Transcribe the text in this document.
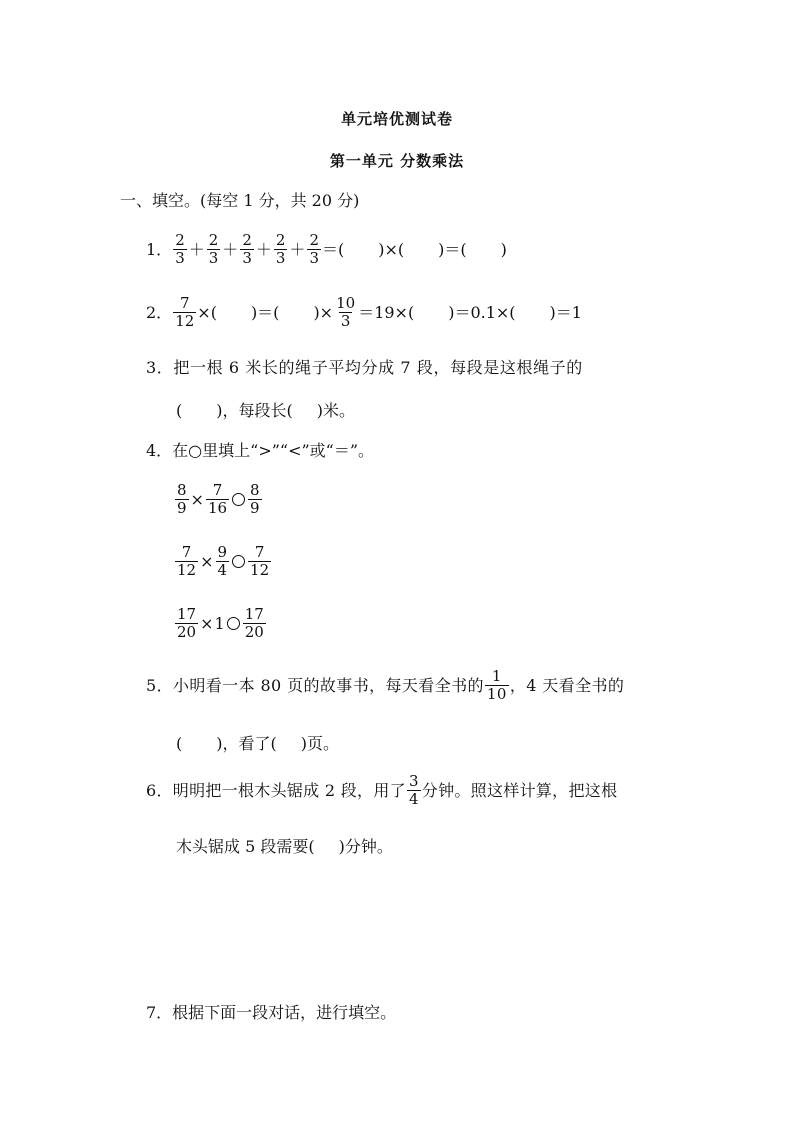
单元培优测试卷
第一单元 分数乘法
一、填空。(每空 1 分，共 20 分)
1． $\frac{2}{3} + \frac{2}{3} + \frac{2}{3} + \frac{2}{3} + \frac{2}{3}$ ＝( )×( )＝( )
2． $\frac{7}{12}$ ×( )＝( )× $\frac{10}{3} =19\times$( )＝0.1×( )＝1
3．把一根 6 米长的绳子平均分成 7 段，每段是这根绳子的
( )，每段长( )米。
4．在○里填上“>”“<”或“＝”。
$\frac{8}{9} \times \frac{7}{16} \frac{8}{9}$
$\frac{7}{12} \times \frac{9}{4} \frac{7}{12}$
$\frac{17}{20} \times 1 \frac{17}{20}$
5．小明看一本 80 页的故事书，每天看全书的 $\frac{1}{10}$ ，4 天看全书的
( )，看了( )页。
6．明明把一根木头锯成 2 段，用了 $\frac{3}{4}$ 分钟。照这样计算，把这根
木头锯成 5 段需要( )分钟。
7．根据下面一段对话，进行填空。
